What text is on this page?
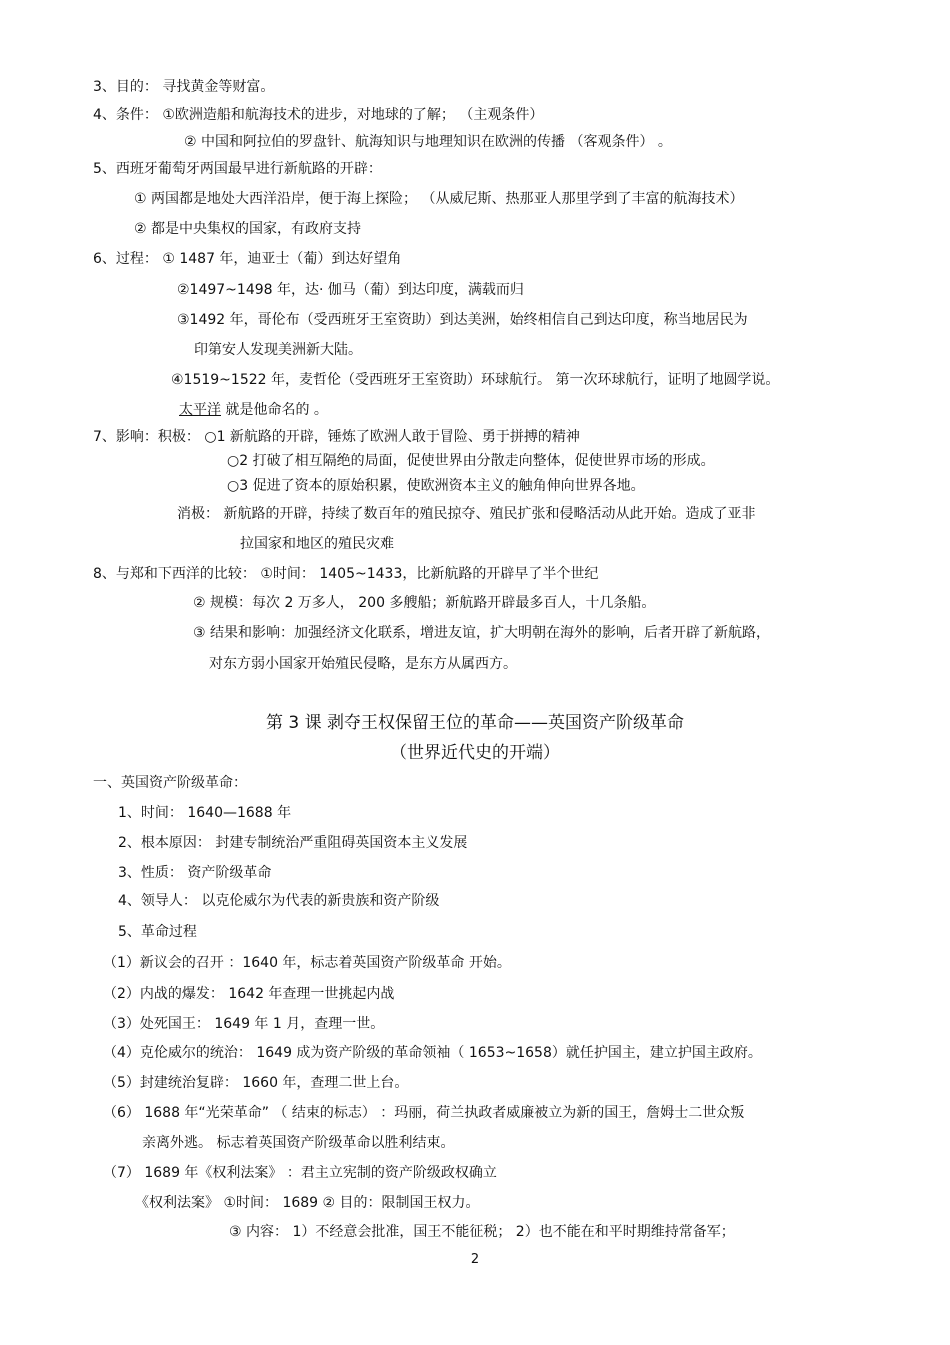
3、目的： 寻找黄金等财富。
4、条件： ①欧洲造船和航海技术的进步，对地球的了解； （主观条件）
② 中国和阿拉伯的罗盘针、航海知识与地理知识在欧洲的传播 （客观条件） 。
5、西班牙葡萄牙两国最早进行新航路的开辟：
① 两国都是地处大西洋沿岸，便于海上探险； （从威尼斯、热那亚人那里学到了丰富的航海技术）
② 都是中央集权的国家，有政府支持
6、过程： ① 1487 年，迪亚士（葡）到达好望角
②1497~1498 年，达· 伽马（葡）到达印度，满载而归
③1492 年，哥伦布（受西班牙王室资助）到达美洲，始终相信自己到达印度，称当地居民为
印第安人发现美洲新大陆。
④1519~1522 年，麦哲伦（受西班牙王室资助）环球航行。 第一次环球航行，证明了地圆学说。
太平洋 就是他命名的 。
7、影响：积极： ○1 新航路的开辟，锤炼了欧洲人敢于冒险、勇于拼搏的精神
○2 打破了相互隔绝的局面，促使世界由分散走向整体，促使世界市场的形成。
○3 促进了资本的原始积累，使欧洲资本主义的触角伸向世界各地。
消极： 新航路的开辟，持续了数百年的殖民掠夺、殖民扩张和侵略活动从此开始。造成了亚非
拉国家和地区的殖民灾难
8、与郑和下西洋的比较： ①时间： 1405~1433，比新航路的开辟早了半个世纪
② 规模：每次 2 万多人， 200 多艘船；新航路开辟最多百人，十几条船。
③ 结果和影响：加强经济文化联系，增进友谊，扩大明朝在海外的影响，后者开辟了新航路，
对东方弱小国家开始殖民侵略，是东方从属西方。
第 3 课 剥夺王权保留王位的革命——英国资产阶级革命
（世界近代史的开端）
一、英国资产阶级革命：
1、时间： 1640—1688 年
2、根本原因： 封建专制统治严重阻碍英国资本主义发展
3、性质： 资产阶级革命
4、领导人： 以克伦威尔为代表的新贵族和资产阶级
5、革命过程
（1）新议会的召开 ：1640 年，标志着英国资产阶级革命 开始。
（2）内战的爆发： 1642 年查理一世挑起内战
（3）处死国王： 1649 年 1 月，查理一世。
（4）克伦威尔的统治： 1649 成为资产阶级的革命领袖（ 1653~1658）就任护国主，建立护国主政府。
（5）封建统治复辟： 1660 年，查理二世上台。
（6） 1688 年“光荣革命” （ 结束的标志） ：玛丽，荷兰执政者威廉被立为新的国王，詹姆士二世众叛
亲离外逃。 标志着英国资产阶级革命以胜利结束。
（7） 1689 年《权利法案》 ：君主立宪制的资产阶级政权确立
《权利法案》 ①时间： 1689 ② 目的：限制国王权力。
③ 内容： 1）不经意会批准，国王不能征税； 2）也不能在和平时期维持常备军；
2
